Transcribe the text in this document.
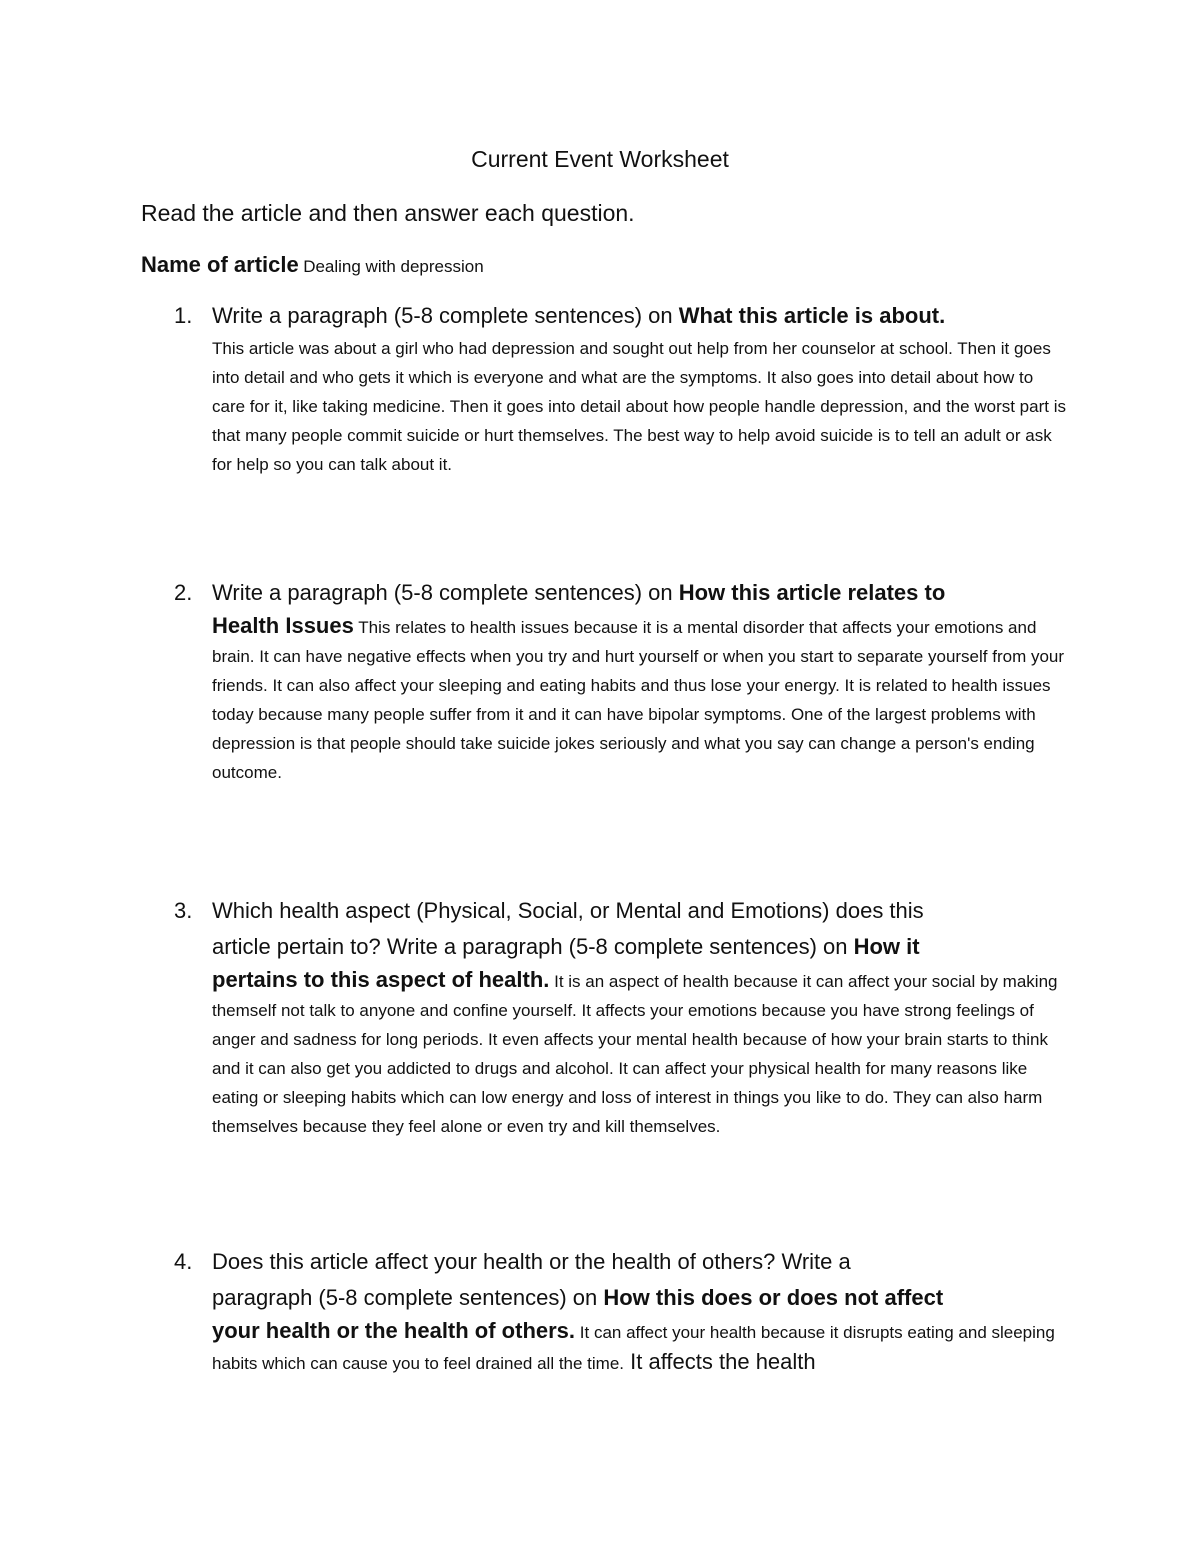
Current Event Worksheet

Read the article and then answer each question.

Name of article Dealing with depression

1. Write a paragraph (5-8 complete sentences) on What this article is about.

This article was about a girl who had depression and sought out help from her counselor at school. Then it goes into detail and who gets it which is everyone and what are the symptoms. It also goes into detail about how to care for it, like taking medicine. Then it goes into detail about how people handle depression, and the worst part is that many people commit suicide or hurt themselves. The best way to help avoid suicide is to tell an adult or ask for help so you can talk about it.

2. Write a paragraph (5-8 complete sentences) on How this article relates to
Health Issues This relates to health issues because it is a mental disorder that affects your emotions and brain. It can have negative effects when you try and hurt yourself or when you start to separate yourself from your friends. It can also affect your sleeping and eating habits and thus lose your energy. It is related to health issues today because many people suffer from it and it can have bipolar symptoms. One of the largest problems with depression is that people should take suicide jokes seriously and what you say can change a person's ending outcome.
3. Which health aspect (Physical, Social, or Mental and Emotions) does this
article pertain to? Write a paragraph (5-8 complete sentences) on How it
pertains to this aspect of health. It is an aspect of health because it can affect your social by making themself not talk to anyone and confine yourself. It affects your emotions because you have strong feelings of anger and sadness for long periods. It even affects your mental health because of how your brain starts to think and it can also get you addicted to drugs and alcohol. It can affect your physical health for many reasons like eating or sleeping habits which can low energy and loss of interest in things you like to do. They can also harm themselves because they feel alone or even try and kill themselves.
4. Does this article affect your health or the health of others? Write a
paragraph (5-8 complete sentences) on How this does or does not affect
your health or the health of others. It can affect your health because it disrupts eating and sleeping habits which can cause you to feel drained all the time. It affects the health
